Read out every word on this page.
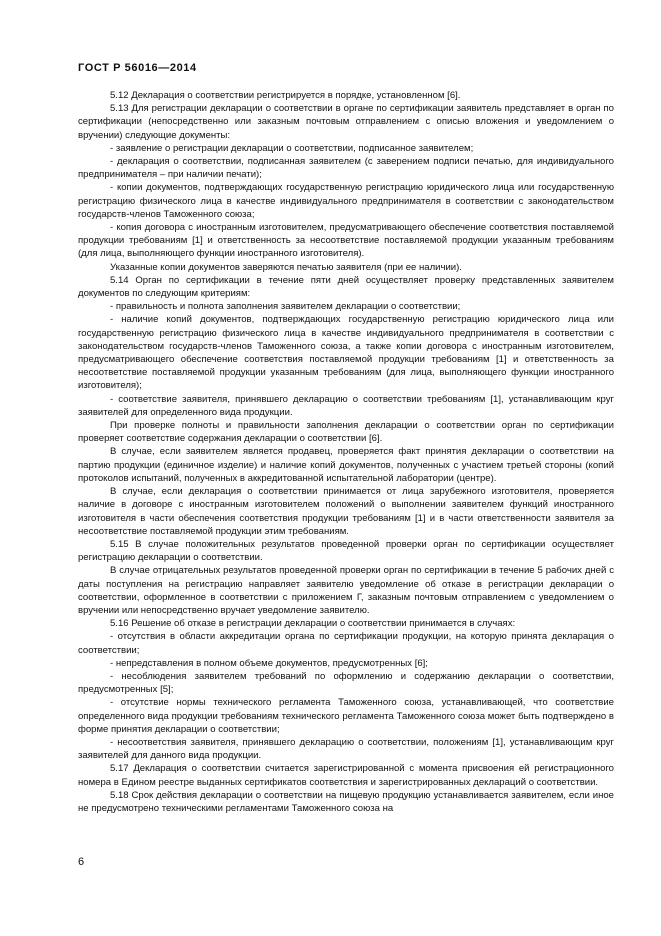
ГОСТ Р 56016—2014

5.12 Декларация о соответствии регистрируется в порядке, установленном [6].

5.13 Для регистрации декларации о соответствии в органе по сертификации заявитель представляет в орган по сертификации (непосредственно или заказным почтовым отправлением с описью вложения и уведомлением о вручении) следующие документы:

- заявление о регистрации декларации о соответствии, подписанное заявителем;

- декларация о соответствии, подписанная заявителем (с заверением подписи печатью, для индивидуального предпринимателя – при наличии печати);

- копии документов, подтверждающих государственную регистрацию юридического лица или государственную регистрацию физического лица в качестве индивидуального предпринимателя в соответствии с законодательством государств-членов Таможенного союза;

- копия договора с иностранным изготовителем, предусматривающего обеспечение соответствия поставляемой продукции требованиям [1] и ответственность за несоответствие поставляемой продукции указанным требованиям (для лица, выполняющего функции иностранного изготовителя).

Указанные копии документов заверяются печатью заявителя (при ее наличии).

5.14 Орган по сертификации в течение пяти дней осуществляет проверку представленных заявителем документов по следующим критериям:

- правильность и полнота заполнения заявителем декларации о соответствии;

- наличие копий документов, подтверждающих государственную регистрацию юридического лица или государственную регистрацию физического лица в качестве индивидуального предпринимателя в соответствии с законодательством государств-членов Таможенного союза, а также копии договора с иностранным изготовителем, предусматривающего обеспечение соответствия поставляемой продукции требованиям [1] и ответственность за несоответствие поставляемой продукции указанным требованиям (для лица, выполняющего функции иностранного изготовителя);

- соответствие заявителя, принявшего декларацию о соответствии требованиям [1], устанавливающим круг заявителей для определенного вида продукции.

При проверке полноты и правильности заполнения декларации о соответствии орган по сертификации проверяет соответствие содержания декларации о соответствии [6].

В случае, если заявителем является продавец, проверяется факт принятия декларации о соответствии на партию продукции (единичное изделие) и наличие копий документов, полученных с участием третьей стороны (копий протоколов испытаний, полученных в аккредитованной испытательной лаборатории (центре).

В случае, если декларация о соответствии принимается от лица зарубежного изготовителя, проверяется наличие в договоре с иностранным изготовителем положений о выполнении заявителем функций иностранного изготовителя в части обеспечения соответствия продукции требованиям [1] и в части ответственности заявителя за несоответствие поставляемой продукции этим требованиям.

5.15 В случае положительных результатов проведенной проверки орган по сертификации осуществляет регистрацию декларации о соответствии.

В случае отрицательных результатов проведенной проверки орган по сертификации в течение 5 рабочих дней с даты поступления на регистрацию направляет заявителю уведомление об отказе в регистрации декларации о соответствии, оформленное в соответствии с приложением Г, заказным почтовым отправлением с уведомлением о вручении или непосредственно вручает уведомление заявителю.

5.16 Решение об отказе в регистрации декларации о соответствии принимается в случаях:

- отсутствия в области аккредитации органа по сертификации продукции, на которую принята декларация о соответствии;

- непредставления в полном объеме документов, предусмотренных [6];

- несоблюдения заявителем требований по оформлению и содержанию декларации о соответствии, предусмотренных [5];

- отсутствие нормы технического регламента Таможенного союза, устанавливающей, что соответствие определенного вида продукции требованиям технического регламента Таможенного союза может быть подтверждено в форме принятия декларации о соответствии;

- несоответствия заявителя, принявшего декларацию о соответствии, положениям [1], устанавливающим круг заявителей для данного вида продукции.

5.17 Декларация о соответствии считается зарегистрированной с момента присвоения ей регистрационного номера в Едином реестре выданных сертификатов соответствия и зарегистрированных деклараций о соответствии.

5.18 Срок действия декларации о соответствии на пищевую продукцию устанавливается заявителем, если иное не предусмотрено техническими регламентами Таможенного союза на

6
